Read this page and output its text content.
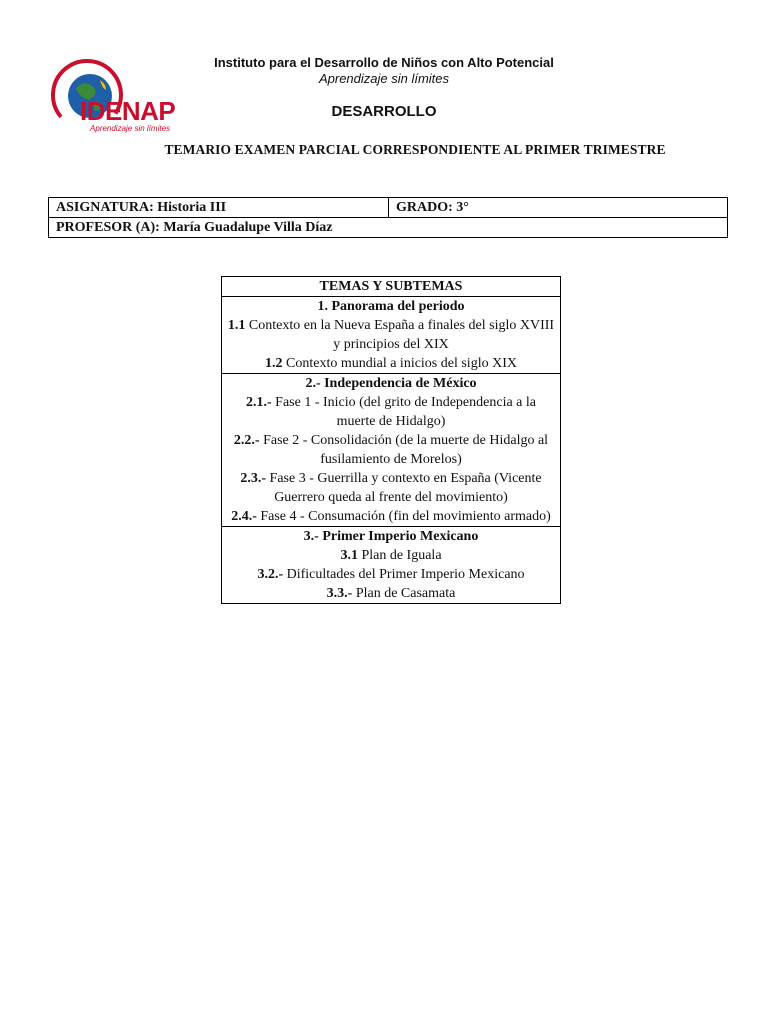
IDENAP
Aprendizaje sin límites
Instituto para el Desarrollo de Niños con Alto Potencial
Aprendizaje sin límites
DESARROLLO
TEMARIO EXAMEN PARCIAL CORRESPONDIENTE AL PRIMER TRIMESTRE
ASIGNATURA: Historia III	GRADO: 3°
PROFESOR (A): María Guadalupe Villa Díaz
TEMAS Y SUBTEMAS

1. Panorama del periodo
1.1 Contexto en la Nueva España a finales del siglo XVIII y principios del XIX
1.2 Contexto mundial a inicios del siglo XIX

2.- Independencia de México
2.1.- Fase 1 - Inicio (del grito de Independencia a la muerte de Hidalgo)
2.2.- Fase 2 - Consolidación (de la muerte de Hidalgo al fusilamiento de Morelos)
2.3.- Fase 3 - Guerrilla y contexto en España (Vicente Guerrero queda al frente del movimiento)
2.4.- Fase 4 - Consumación (fin del movimiento armado)

3.- Primer Imperio Mexicano
3.1 Plan de Iguala
3.2.- Dificultades del Primer Imperio Mexicano
3.3.- Plan de Casamata
